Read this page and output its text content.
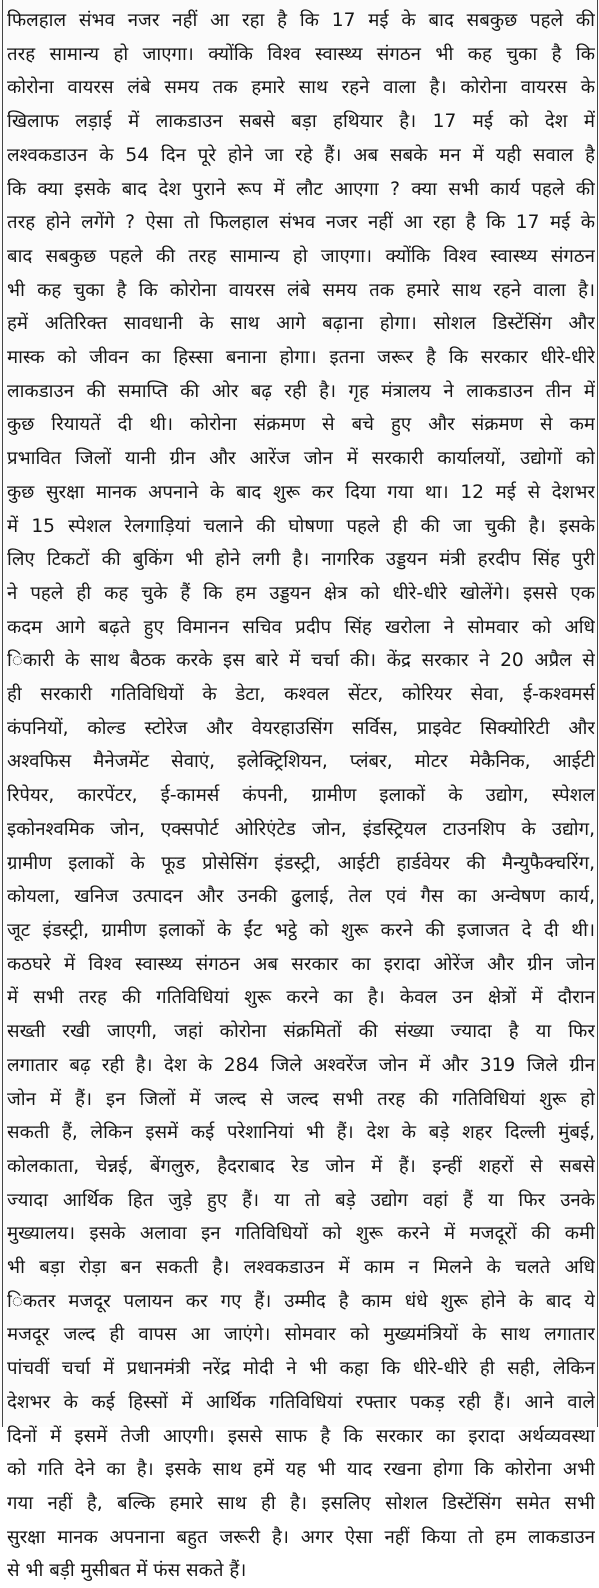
फिलहाल संभव नजर नहीं आ रहा है कि 17 मई के बाद सबकुछ पहले की
तरह सामान्य हो जाएगा। क्योंकि विश्व स्वास्थ्य संगठन भी कह चुका है कि
कोरोना वायरस लंबे समय तक हमारे साथ रहने वाला है। कोरोना वायरस के
खिलाफ लड़ाई में लाकडाउन सबसे बड़ा हथियार है। 17 मई को देश में
लश्वकडाउन के 54 दिन पूरे होने जा रहे हैं। अब सबके मन में यही सवाल है
कि क्या इसके बाद देश पुराने रूप में लौट आएगा ? क्या सभी कार्य पहले की
तरह होने लगेंगे ? ऐसा तो फिलहाल संभव नजर नहीं आ रहा है कि 17 मई के
बाद सबकुछ पहले की तरह सामान्य हो जाएगा। क्योंकि विश्व स्वास्थ्य संगठन
भी कह चुका है कि कोरोना वायरस लंबे समय तक हमारे साथ रहने वाला है।
हमें अतिरिक्त सावधानी के साथ आगे बढ़ाना होगा। सोशल डिस्टेंसिंग और
मास्क को जीवन का हिस्सा बनाना होगा। इतना जरूर है कि सरकार धीरे-धीरे
लाकडाउन की समाप्ति की ओर बढ़ रही है। गृह मंत्रालय ने लाकडाउन तीन में
कुछ रियायतें दी थी। कोरोना संक्रमण से बचे हुए और संक्रमण से कम
प्रभावित जिलों यानी ग्रीन और आरेंज जोन में सरकारी कार्यालयों, उद्योगों को
कुछ सुरक्षा मानक अपनाने के बाद शुरू कर दिया गया था। 12 मई से देशभर
में 15 स्पेशल रेलगाड़ियां चलाने की घोषणा पहले ही की जा चुकी है। इसके
लिए टिकटों की बुकिंग भी होने लगी है। नागरिक उड्डयन मंत्री हरदीप सिंह पुरी
ने पहले ही कह चुके हैं कि हम उड्डयन क्षेत्र को धीरे-धीरे खोलेंगे। इससे एक
कदम आगे बढ़ते हुए विमानन सचिव प्रदीप सिंह खरोला ने सोमवार को अधि
िकारी के साथ बैठक करके इस बारे में चर्चा की। केंद्र सरकार ने 20 अप्रैल से
ही सरकारी गतिविधियों के डेटा, कश्वल सेंटर, कोरियर सेवा, ई-कश्वमर्स
कंपनियों, कोल्ड स्टोरेज और वेयरहाउसिंग सर्विस, प्राइवेट सिक्योरिटी और
अश्वफिस मैनेजमेंट सेवाएं, इलेक्ट्रिशियन, प्लंबर, मोटर मेकैनिक, आईटी
रिपेयर, कारपेंटर, ई-कामर्स कंपनी, ग्रामीण इलाकों के उद्योग, स्पेशल
इकोनश्वमिक जोन, एक्सपोर्ट ओरिएंटेड जोन, इंडस्ट्रियल टाउनशिप के उद्योग,
ग्रामीण इलाकों के फूड प्रोसेसिंग इंडस्ट्री, आईटी हार्डवेयर की मैन्युफैक्चरिंग,
कोयला, खनिज उत्पादन और उनकी ढुलाई, तेल एवं गैस का अन्वेषण कार्य,
जूट इंडस्ट्री, ग्रामीण इलाकों के ईंट भट्ठे को शुरू करने की इजाजत दे दी थी।
कठघरे में विश्व स्वास्थ्य संगठन अब सरकार का इरादा ओरेंज और ग्रीन जोन
में सभी तरह की गतिविधियां शुरू करने का है। केवल उन क्षेत्रों में दौरान
सख्ती रखी जाएगी, जहां कोरोना संक्रमितों की संख्या ज्यादा है या फिर
लगातार बढ़ रही है। देश के 284 जिले अश्वरेंज जोन में और 319 जिले ग्रीन
जोन में हैं। इन जिलों में जल्द से जल्द सभी तरह की गतिविधियां शुरू हो
सकती हैं, लेकिन इसमें कई परेशानियां भी हैं। देश के बड़े शहर दिल्ली मुंबई,
कोलकाता, चेन्नई, बेंगलुरु, हैदराबाद रेड जोन में हैं। इन्हीं शहरों से सबसे
ज्यादा आर्थिक हित जुड़े हुए हैं। या तो बड़े उद्योग वहां हैं या फिर उनके
मुख्यालय। इसके अलावा इन गतिविधियों को शुरू करने में मजदूरों की कमी
भी बड़ा रोड़ा बन सकती है। लश्वकडाउन में काम न मिलने के चलते अधि
िकतर मजदूर पलायन कर गए हैं। उम्मीद है काम धंधे शुरू होने के बाद ये
मजदूर जल्द ही वापस आ जाएंगे। सोमवार को मुख्यमंत्रियों के साथ लगातार
पांचवीं चर्चा में प्रधानमंत्री नरेंद्र मोदी ने भी कहा कि धीरे-धीरे ही सही, लेकिन
देशभर के कई हिस्सों में आर्थिक गतिविधियां रफ्तार पकड़ रही हैं। आने वाले
दिनों में इसमें तेजी आएगी। इससे साफ है कि सरकार का इरादा अर्थव्यवस्था
को गति देने का है। इसके साथ हमें यह भी याद रखना होगा कि कोरोना अभी
गया नहीं है, बल्कि हमारे साथ ही है। इसलिए सोशल डिस्टेंसिंग समेत सभी
सुरक्षा मानक अपनाना बहुत जरूरी है। अगर ऐसा नहीं किया तो हम लाकडाउन
से भी बड़ी मुसीबत में फंस सकते हैं।
